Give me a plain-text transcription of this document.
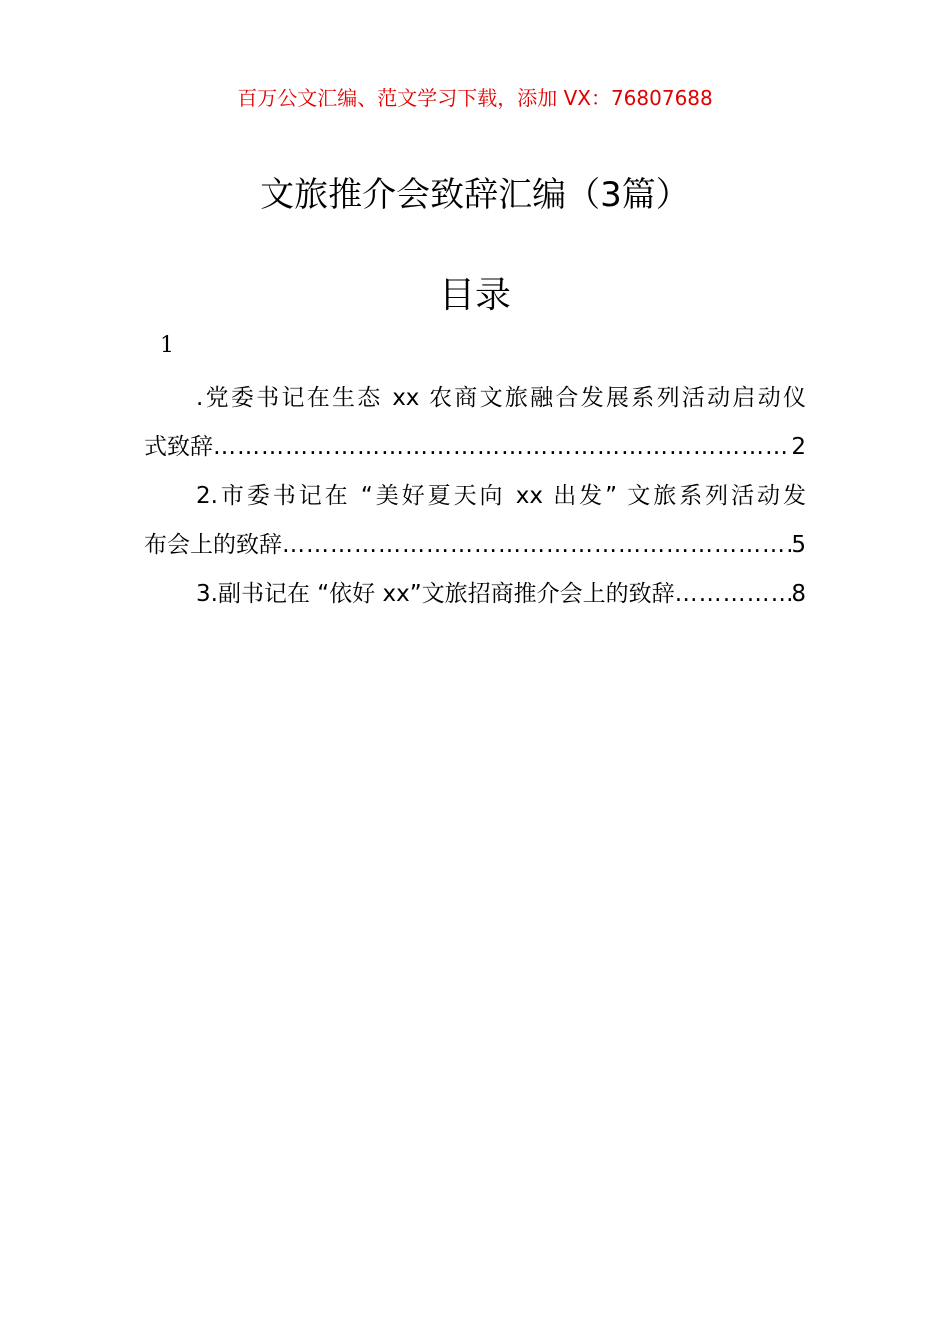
百万公文汇编、范文学习下载，添加 VX：76807688
文旅推介会致辞汇编（3篇）
目录
1
.党委书记在生态 xx 农商文旅融合发展系列活动启动仪
式致辞 ………………………………………………………………………………………………………………………………	2
2.市委书记在 “美好夏天向 xx 出发” 文旅系列活动发
布会上的致辞 ………………………………………………………………………………………………………………………………	5
3.副书记在 “依好 xx”文旅招商推介会上的致辞 ………………………………………………………………………………………………………………………………	8
